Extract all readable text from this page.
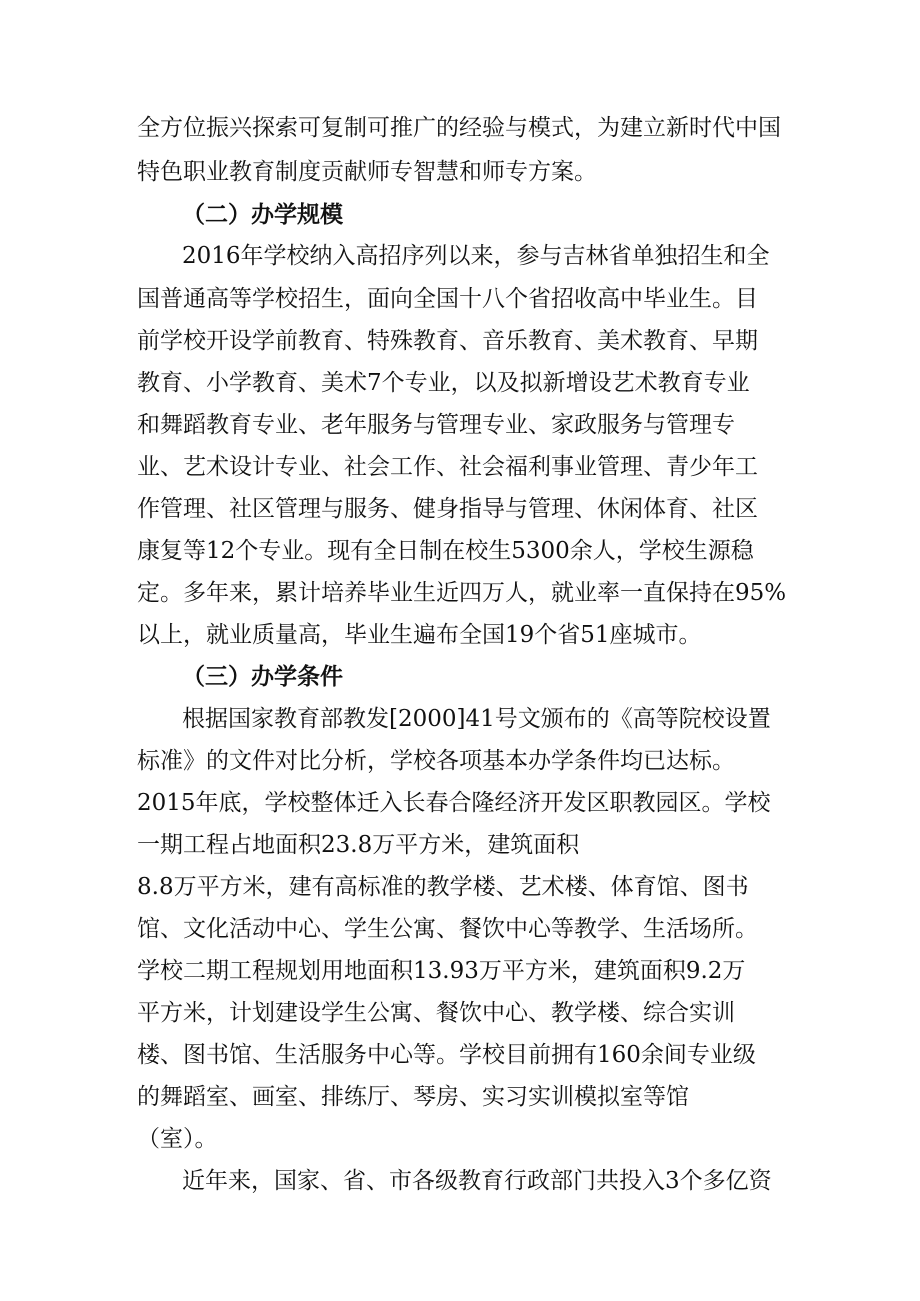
全方位振兴探索可复制可推广的经验与模式，为建立新时代中国
特色职业教育制度贡献师专智慧和师专方案。
（二）办学规模
2016年学校纳入高招序列以来，参与吉林省单独招生和全
国普通高等学校招生，面向全国十八个省招收高中毕业生。目
前学校开设学前教育、特殊教育、音乐教育、美术教育、早期
教育、小学教育、美术7个专业，以及拟新增设艺术教育专业
和舞蹈教育专业、老年服务与管理专业、家政服务与管理专
业、艺术设计专业、社会工作、社会福利事业管理、青少年工
作管理、社区管理与服务、健身指导与管理、休闲体育、社区
康复等12个专业。现有全日制在校生5300余人，学校生源稳
定。多年来，累计培养毕业生近四万人，就业率一直保持在95%
以上，就业质量高，毕业生遍布全国19个省51座城市。
（三）办学条件
根据国家教育部教发[2000]41号文颁布的《高等院校设置
标准》的文件对比分析，学校各项基本办学条件均已达标。
2015年底，学校整体迁入长春合隆经济开发区职教园区。学校
一期工程占地面积23.8万平方米，建筑面积
8.8万平方米，建有高标准的教学楼、艺术楼、体育馆、图书
馆、文化活动中心、学生公寓、餐饮中心等教学、生活场所。
学校二期工程规划用地面积13.93万平方米，建筑面积9.2万
平方米，计划建设学生公寓、餐饮中心、教学楼、综合实训
楼、图书馆、生活服务中心等。学校目前拥有160余间专业级
的舞蹈室、画室、排练厅、琴房、实习实训模拟室等馆
（室）。
近年来，国家、省、市各级教育行政部门共投入3个多亿资
